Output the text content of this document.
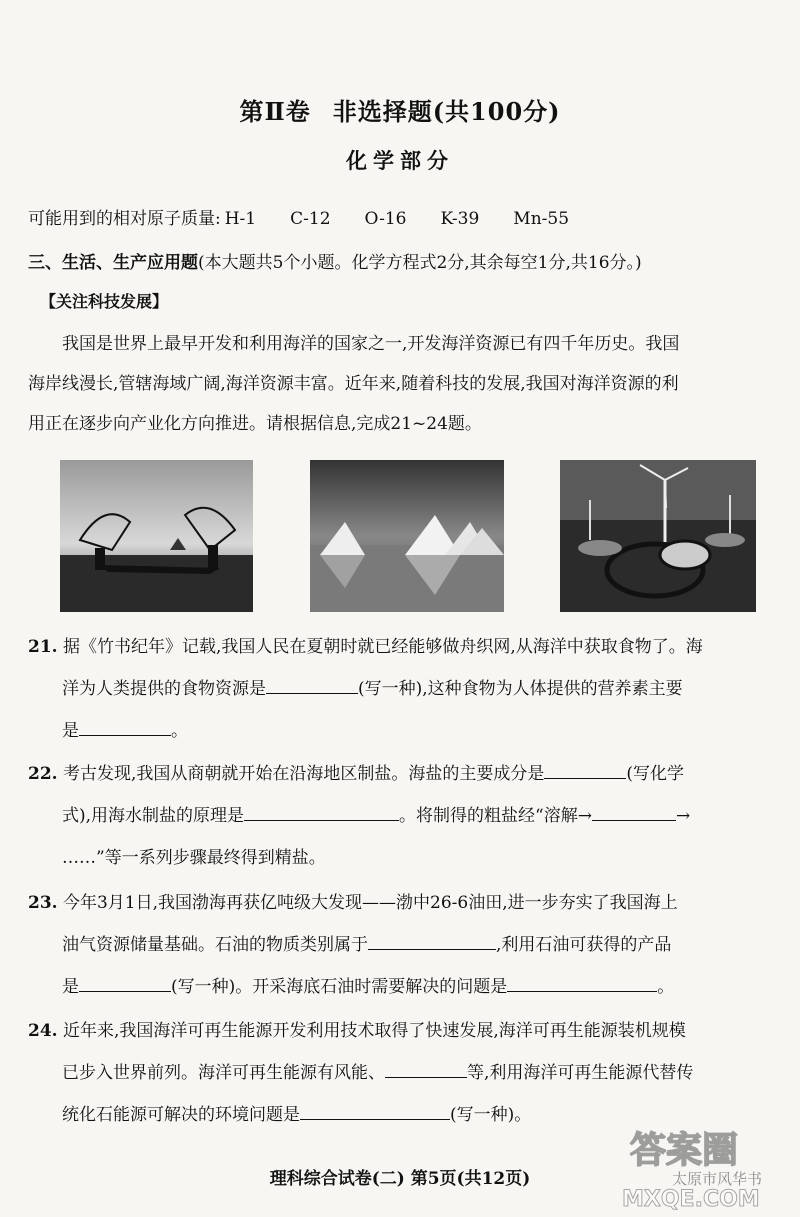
第Ⅱ卷 非选择题(共100分)
化学部分
可能用到的相对原子质量: H-1 C-12 O-16 K-39 Mn-55
三、生活、生产应用题(本大题共5个小题。化学方程式2分,其余每空1分,共16分。)
【关注科技发展】
我国是世界上最早开发和利用海洋的国家之一,开发海洋资源已有四千年历史。我国
海岸线漫长,管辖海域广阔,海洋资源丰富。近年来,随着科技的发展,我国对海洋资源的利
用正在逐步向产业化方向推进。请根据信息,完成21~24题。
21. 据《竹书纪年》记载,我国人民在夏朝时就已经能够做舟织网,从海洋中获取食物了。海
洋为人类提供的食物资源是	(写一种),这种食物为人体提供的营养素主要
是	。
22. 考古发现,我国从商朝就开始在沿海地区制盐。海盐的主要成分是	(写化学
式),用海水制盐的原理是	。将制得的粗盐经“溶解→	→
……”等一系列步骤最终得到精盐。
23. 今年3月1日,我国渤海再获亿吨级大发现——渤中26-6油田,进一步夯实了我国海上
油气资源储量基础。石油的物质类别属于	,利用石油可获得的产品
是	(写一种)。开采海底石油时需要解决的问题是	。
24. 近年来,我国海洋可再生能源开发利用技术取得了快速发展,海洋可再生能源装机规模
已步入世界前列。海洋可再生能源有风能、	等,利用海洋可再生能源代替传
统化石能源可解决的环境问题是	(写一种)。
理科综合试卷(二) 第5页(共12页)
答案圈
太原市风华书
MXQE.COM
